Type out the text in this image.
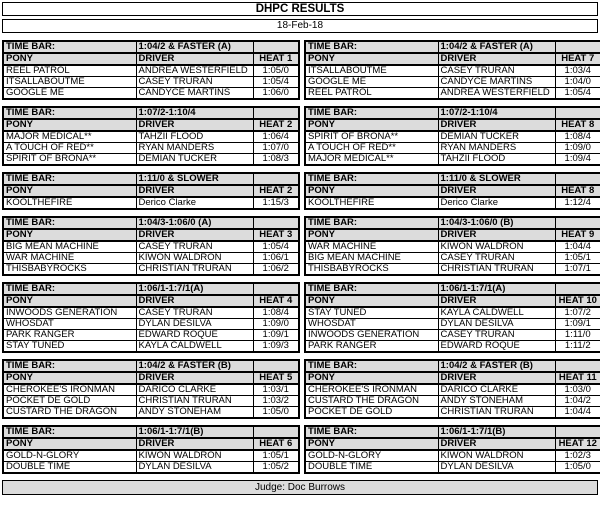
DHPC RESULTS
18-Feb-18
TIME BAR:	1:04/2 & FASTER (A)	
PONY	DRIVER	HEAT 1
REEL PATROL	ANDREA WESTERFIELD	1:05/0
ITSALLABOUTME	CASEY TRURAN	1:05/4
GOOGLE ME	CANDYCE MARTINS	1:06/0
TIME BAR:	1:04/2 & FASTER (A)	
PONY	DRIVER	HEAT 7
ITSALLABOUTME	CASEY TRURAN	1:03/4
GOOGLE ME	CANDYCE MARTINS	1:04/0
REEL PATROL	ANDREA WESTERFIELD	1:05/4
TIME BAR:	1:07/2-1:10/4	
PONY	DRIVER	HEAT 2
MAJOR MEDICAL**	TAHZII FLOOD	1:06/4
A TOUCH OF RED**	RYAN MANDERS	1:07/0
SPIRIT OF BRONA**	DEMIAN TUCKER	1:08/3
TIME BAR:	1:07/2-1:10/4	
PONY	DRIVER	HEAT 8
SPIRIT OF BRONA**	DEMIAN TUCKER	1:08/4
A TOUCH OF RED**	RYAN MANDERS	1:09/0
MAJOR MEDICAL**	TAHZII FLOOD	1:09/4
TIME BAR:	1:11/0 & SLOWER	
PONY	DRIVER	HEAT 2
KOOLTHEFIRE	Derico Clarke	1:15/3
TIME BAR:	1:11/0 & SLOWER	
PONY	DRIVER	HEAT 8
KOOLTHEFIRE	Derico Clarke	1:12/4
TIME BAR:	1:04/3-1:06/0 (A)	
PONY	DRIVER	HEAT 3
BIG MEAN MACHINE	CASEY TRURAN	1:05/4
WAR MACHINE	KIWON WALDRON	1:06/1
THISBABYROCKS	CHRISTIAN TRURAN	1:06/2
TIME BAR:	1:04/3-1:06/0 (B)	
PONY	DRIVER	HEAT 9
WAR MACHINE	KIWON WALDRON	1:04/4
BIG MEAN MACHINE	CASEY TRURAN	1:05/1
THISBABYROCKS	CHRISTIAN TRURAN	1:07/1
TIME BAR:	1:06/1-1:7/1(A)	
PONY	DRIVER	HEAT 4
INWOODS GENERATION	CASEY TRURAN	1:08/4
WHOSDAT	DYLAN DESILVA	1:09/0
PARK RANGER	EDWARD ROQUE	1:09/1
STAY TUNED	KAYLA CALDWELL	1:09/3
TIME BAR:	1:06/1-1:7/1(A)	
PONY	DRIVER	HEAT 10
STAY TUNED	KAYLA CALDWELL	1:07/2
WHOSDAT	DYLAN DESILVA	1:09/1
INWOODS GENERATION	CASEY TRURAN	1:11/0
PARK RANGER	EDWARD ROQUE	1:11/2
TIME BAR:	1:04/2 & FASTER (B)	
PONY	DRIVER	HEAT 5
CHEROKEE'S IRONMAN	DARICO CLARKE	1:03/1
POCKET DE GOLD	CHRISTIAN TRURAN	1:03/2
CUSTARD THE DRAGON	ANDY STONEHAM	1:05/0
TIME BAR:	1:04/2 & FASTER (B)	
PONY	DRIVER	HEAT 11
CHEROKEE'S IRONMAN	DARICO CLARKE	1:03/0
CUSTARD THE DRAGON	ANDY STONEHAM	1:04/2
POCKET DE GOLD	CHRISTIAN TRURAN	1:04/4
TIME BAR:	1:06/1-1:7/1(B)	
PONY	DRIVER	HEAT 6
GOLD-N-GLORY	KIWON WALDRON	1:05/1
DOUBLE TIME	DYLAN DESILVA	1:05/2
TIME BAR:	1:06/1-1:7/1(B)	
PONY	DRIVER	HEAT 12
GOLD-N-GLORY	KIWON WALDRON	1:02/3
DOUBLE TIME	DYLAN DESILVA	1:05/0
Judge: Doc Burrows
